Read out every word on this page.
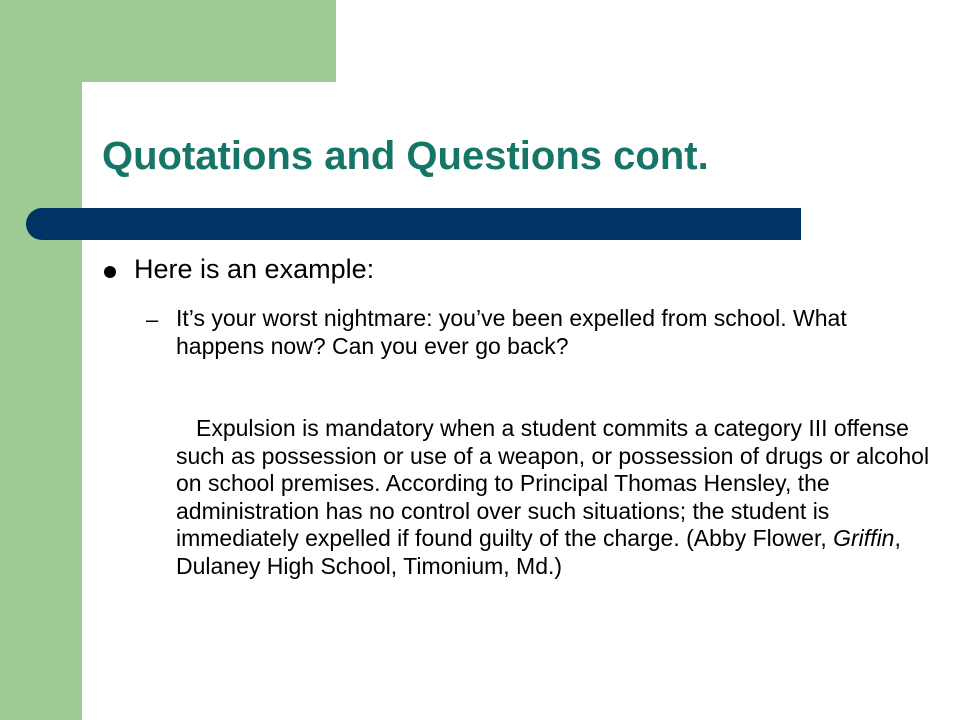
Quotations and Questions cont.

Here is an example:

– It’s your worst nightmare: you’ve been expelled from school. What happens now? Can you ever go back?

Expulsion is mandatory when a student commits a category III offense such as possession or use of a weapon, or possession of drugs or alcohol on school premises. According to Principal Thomas Hensley, the administration has no control over such situations; the student is immediately expelled if found guilty of the charge. (Abby Flower, Griffin, Dulaney High School, Timonium, Md.)
